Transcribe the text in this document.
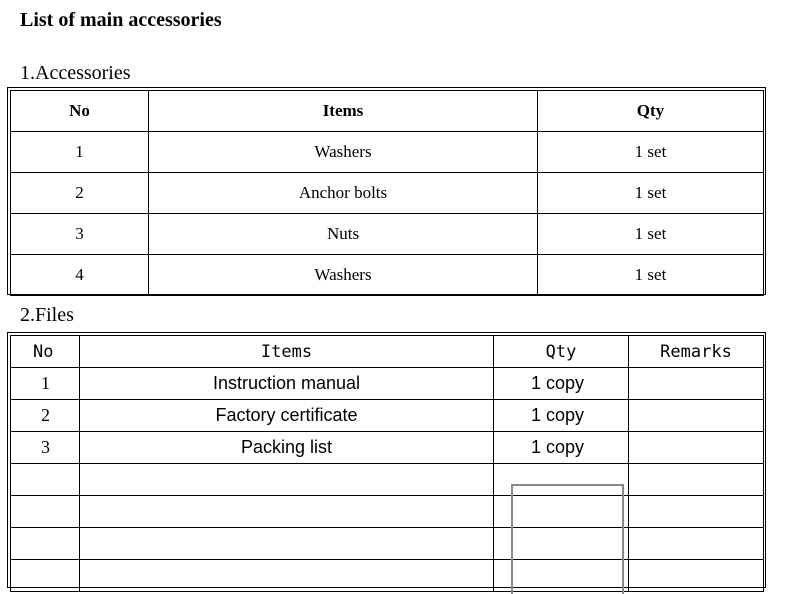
List of main accessories
1.Accessories
No	Items	Qty
1	Washers	1 set
2	Anchor bolts	1 set
3	Nuts	1 set
4	Washers	1 set
2.Files
No	Items	Qty	Remarks
1	Instruction manual	1 copy	
2	Factory certificate	1 copy	
3	Packing list	1 copy	
